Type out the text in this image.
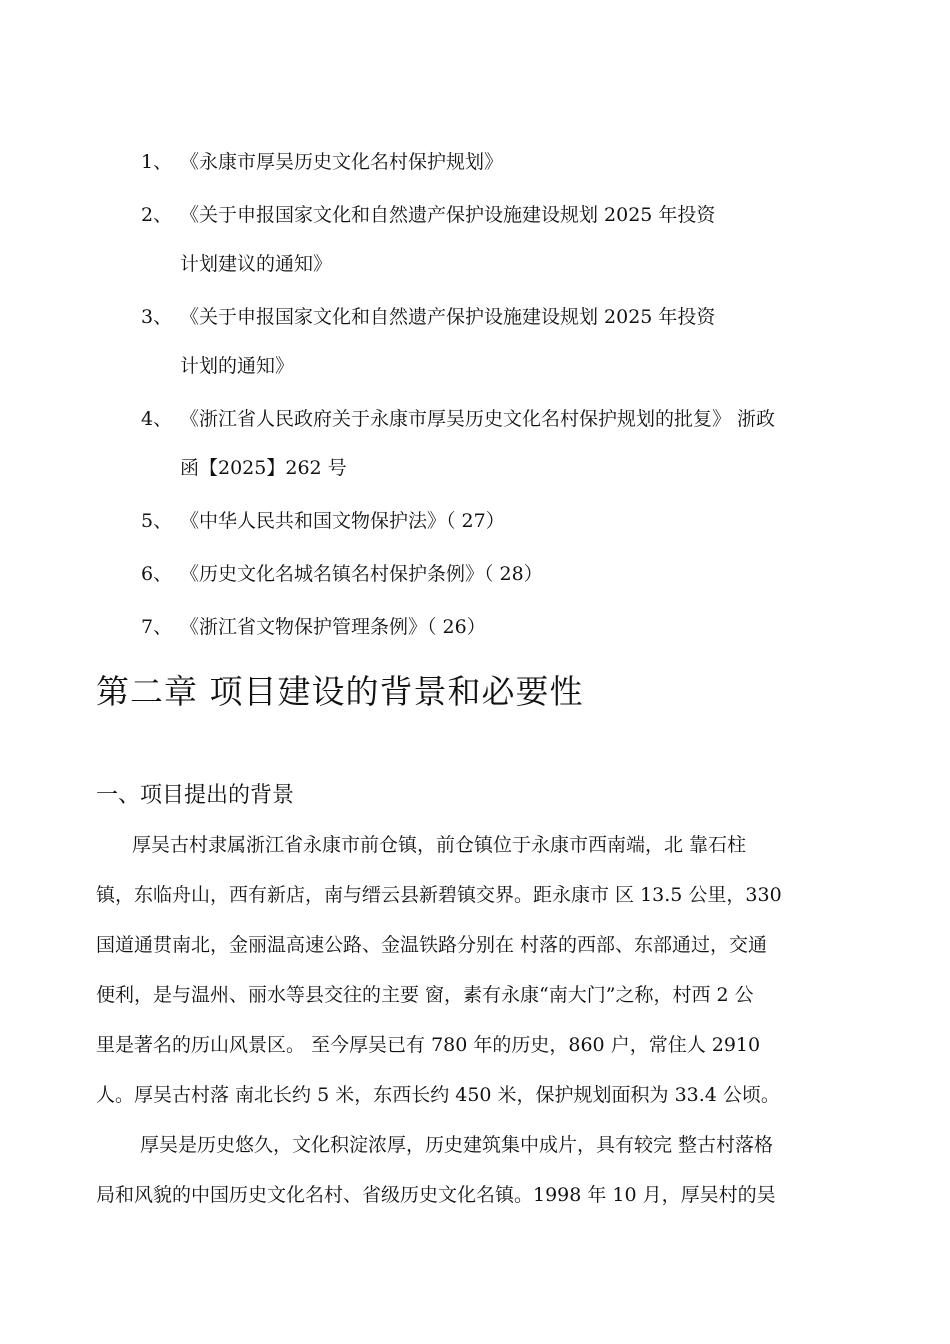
1、 《永康市厚吴历史文化名村保护规划》
2、 《关于申报国家文化和自然遗产保护设施建设规划 2025 年投资
计划建议的通知》
3、 《关于申报国家文化和自然遗产保护设施建设规划 2025 年投资
计划的通知》
4、 《浙江省人民政府关于永康市厚吴历史文化名村保护规划的批复》 浙政
函【2025】262 号
5、 《中华人民共和国文物保护法》（ 27）
6、 《历史文化名城名镇名村保护条例》（ 28）
7、 《浙江省文物保护管理条例》（ 26）
第二章 项目建设的背景和必要性
一、项目提出的背景
厚吴古村隶属浙江省永康市前仓镇，前仓镇位于永康市西南端，北 靠石柱
镇，东临舟山，西有新店，南与缙云县新碧镇交界。距永康市 区 13.5 公里，330
国道通贯南北，金丽温高速公路、金温铁路分别在 村落的西部、东部通过，交通
便利，是与温州、丽水等县交往的主要 窗，素有永康“南大门”之称，村西 2 公
里是著名的历山风景区。 至今厚吴已有 780 年的历史，860 户，常住人 2910
人。厚吴古村落 南北长约 5 米，东西长约 450 米，保护规划面积为 33.4 公顷。
厚吴是历史悠久，文化积淀浓厚，历史建筑集中成片，具有较完 整古村落格
局和风貌的中国历史文化名村、省级历史文化名镇。1998 年 10 月，厚吴村的吴
